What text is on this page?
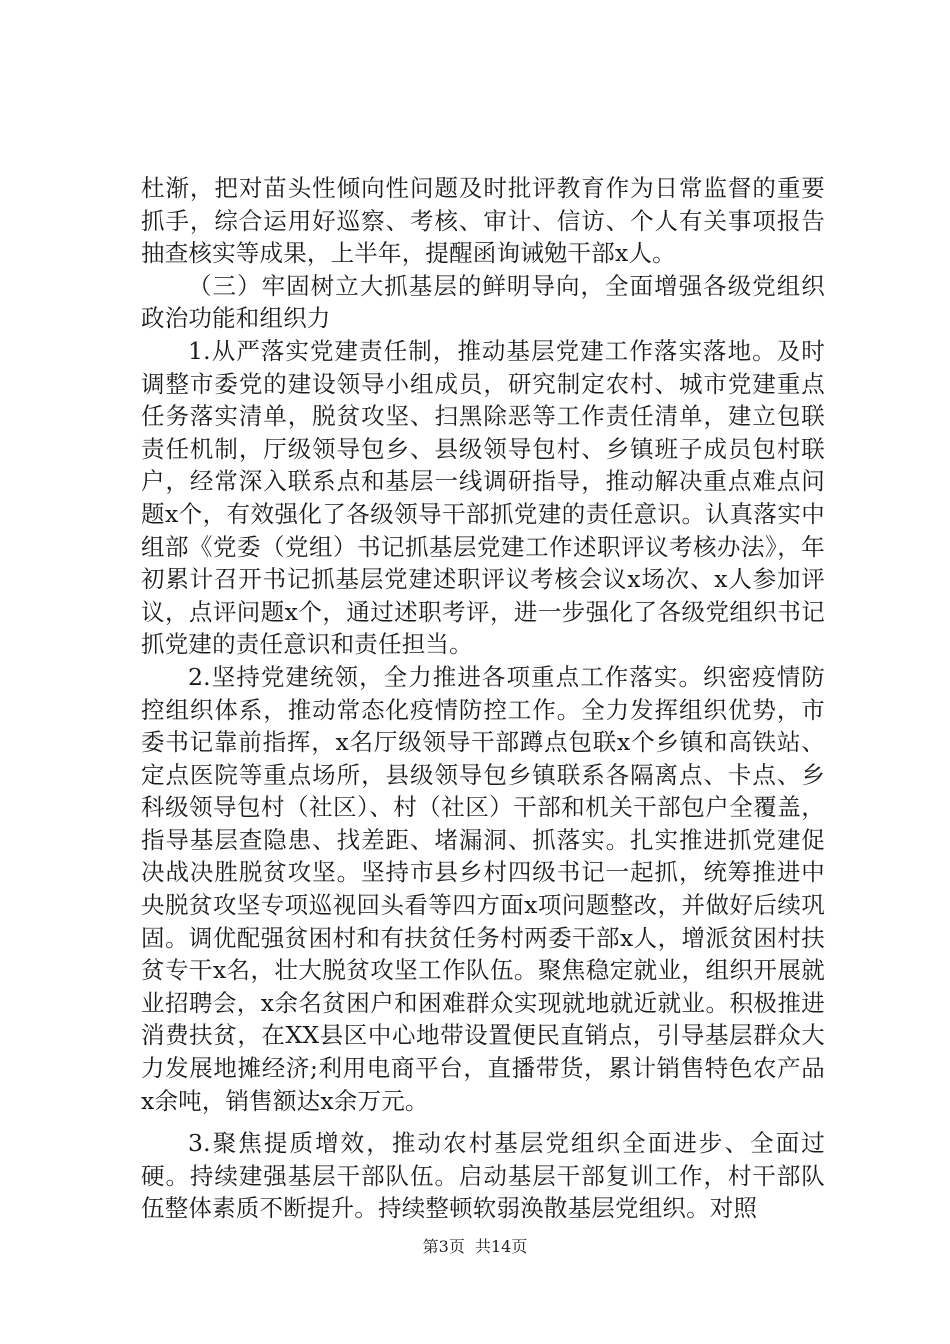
杜渐，把对苗头性倾向性问题及时批评教育作为日常监督的重要抓手，综合运用好巡察、考核、审计、信访、个人有关事项报告抽查核实等成果，上半年，提醒函询诫勉干部x人。

（三）牢固树立大抓基层的鲜明导向，全面增强各级党组织政治功能和组织力

1.从严落实党建责任制，推动基层党建工作落实落地。及时调整市委党的建设领导小组成员，研究制定农村、城市党建重点任务落实清单，脱贫攻坚、扫黑除恶等工作责任清单，建立包联责任机制，厅级领导包乡、县级领导包村、乡镇班子成员包村联户，经常深入联系点和基层一线调研指导，推动解决重点难点问题x个，有效强化了各级领导干部抓党建的责任意识。认真落实中组部《党委（党组）书记抓基层党建工作述职评议考核办法》，年初累计召开书记抓基层党建述职评议考核会议x场次、x人参加评议，点评问题x个，通过述职考评，进一步强化了各级党组织书记抓党建的责任意识和责任担当。

2.坚持党建统领，全力推进各项重点工作落实。织密疫情防控组织体系，推动常态化疫情防控工作。全力发挥组织优势，市委书记靠前指挥，x名厅级领导干部蹲点包联x个乡镇和高铁站、定点医院等重点场所，县级领导包乡镇联系各隔离点、卡点、乡科级领导包村（社区）、村（社区）干部和机关干部包户全覆盖，指导基层查隐患、找差距、堵漏洞、抓落实。扎实推进抓党建促决战决胜脱贫攻坚。坚持市县乡村四级书记一起抓，统筹推进中央脱贫攻坚专项巡视回头看等四方面x项问题整改，并做好后续巩固。调优配强贫困村和有扶贫任务村两委干部x人，增派贫困村扶贫专干x名，壮大脱贫攻坚工作队伍。聚焦稳定就业，组织开展就业招聘会，x余名贫困户和困难群众实现就地就近就业。积极推进消费扶贫，在XX县区中心地带设置便民直销点，引导基层群众大力发展地摊经济;利用电商平台，直播带货，累计销售特色农产品x余吨，销售额达x余万元。

3.聚焦提质增效，推动农村基层党组织全面进步、全面过硬。持续建强基层干部队伍。启动基层干部复训工作，村干部队伍整体素质不断提升。持续整顿软弱涣散基层党组织。对照

第3页  共14页
